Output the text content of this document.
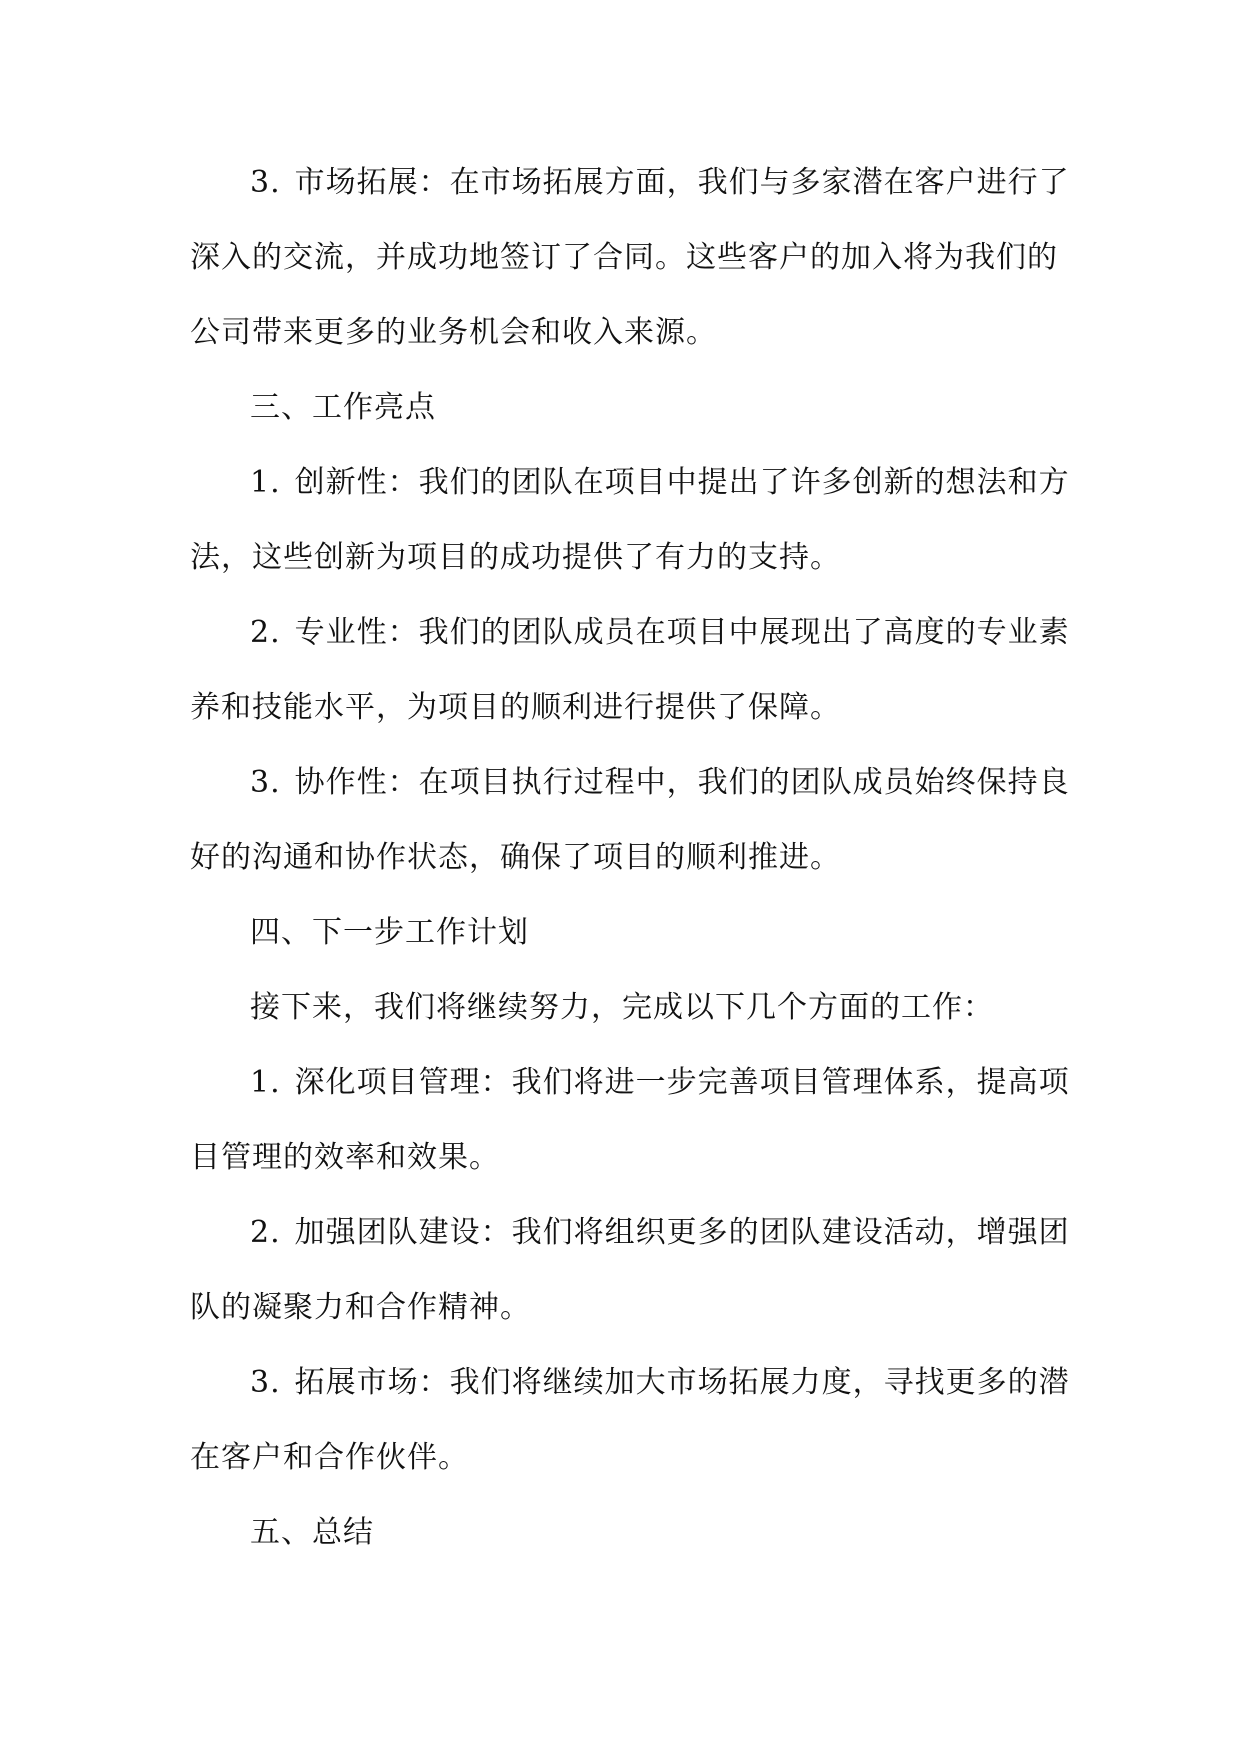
3. 市场拓展：在市场拓展方面，我们与多家潜在客户进行了深入的交流，并成功地签订了合同。这些客户的加入将为我们的公司带来更多的业务机会和收入来源。

三、工作亮点

1. 创新性：我们的团队在项目中提出了许多创新的想法和方法，这些创新为项目的成功提供了有力的支持。

2. 专业性：我们的团队成员在项目中展现出了高度的专业素养和技能水平，为项目的顺利进行提供了保障。

3. 协作性：在项目执行过程中，我们的团队成员始终保持良好的沟通和协作状态，确保了项目的顺利推进。

四、下一步工作计划

接下来，我们将继续努力，完成以下几个方面的工作：

1. 深化项目管理：我们将进一步完善项目管理体系，提高项目管理的效率和效果。

2. 加强团队建设：我们将组织更多的团队建设活动，增强团队的凝聚力和合作精神。

3. 拓展市场：我们将继续加大市场拓展力度，寻找更多的潜在客户和合作伙伴。

五、总结
